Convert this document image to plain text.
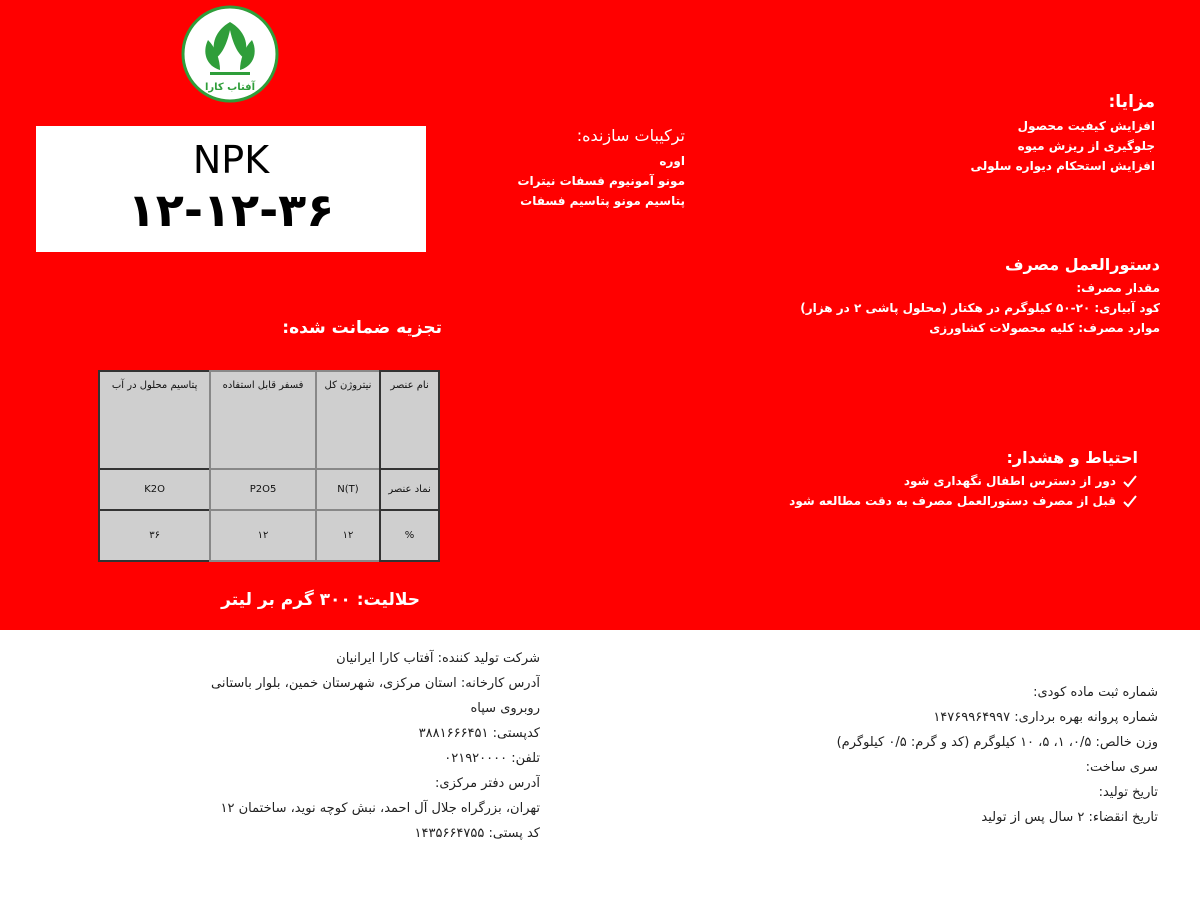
آفتاب کارا
NPK
۱۲-۱۲-۳۶
ترکیبات سازنده:
اوره
مونو آمونیوم فسفات نیترات
پتاسیم مونو پتاسیم فسفات
مزایا:
افزایش کیفیت محصول
جلوگیری از ریزش میوه
افزایش استحکام دیواره سلولی
دستورالعمل مصرف
مقدار مصرف:
کود آبیاری: ۲۰-۵۰ کیلوگرم در هکتار (محلول پاشی ۲ در هزار)
موارد مصرف: کلیه محصولات کشاورزی
احتیاط و هشدار:
دور از دسترس اطفال نگهداری شود
قبل از مصرف دستورالعمل مصرف به دقت مطالعه شود
تجزیه ضمانت شده:
نام عنصر	نیتروژن کل	فسفر قابل استفاده	پتاسیم محلول در آب
نماد عنصر	N(T)	P2O5	K2O
%	۱۲	۱۲	۳۶
حلالیت: ۳۰۰ گرم بر لیتر
شرکت تولید کننده: آفتاب کارا ایرانیان
آدرس کارخانه: استان مرکزی، شهرستان خمین، بلوار باستانی
روبروی سپاه
کدپستی: ۳۸۸۱۶۶۶۴۵۱
تلفن: ۰۲۱۹۲۰۰۰۰
آدرس دفتر مرکزی:
تهران، بزرگراه جلال آل احمد، نبش کوچه نوید، ساختمان ۱۲
کد پستی: ۱۴۳۵۶۶۴۷۵۵
شماره ثبت ماده کودی:
شماره پروانه بهره برداری: ۱۴۷۶۹۹۶۴۹۹۷
وزن خالص: ۰/۵، ۱، ۵، ۱۰ کیلوگرم (کد و گرم: ۰/۵ کیلوگرم)
سری ساخت:
تاریخ تولید:
تاریخ انقضاء: ۲ سال پس از تولید
